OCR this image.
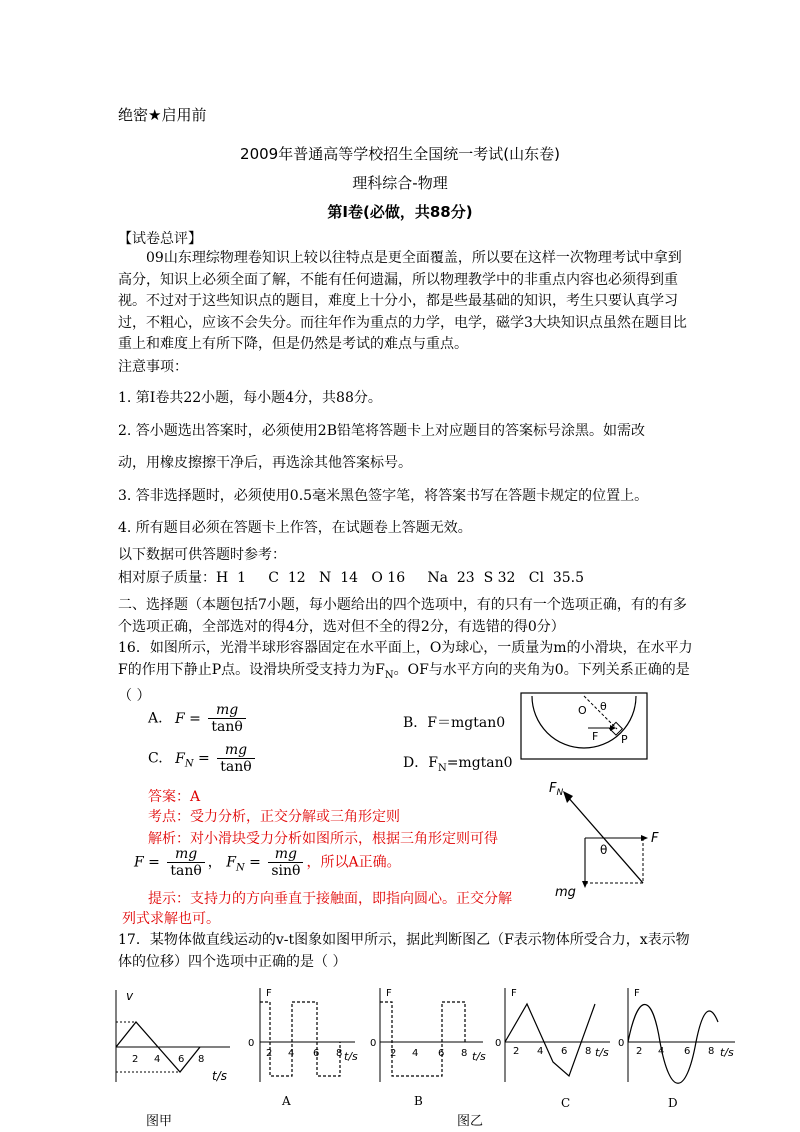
绝密★启用前
2009年普通高等学校招生全国统一考试(山东卷)
理科综合-物理
第Ⅰ卷(必做，共88分)
【试卷总评】
09山东理综物理卷知识上较以往特点是更全面覆盖，所以要在这样一次物理考试中拿到高分，知识上必须全面了解，不能有任何遗漏，所以物理教学中的非重点内容也必须得到重视。不过对于这些知识点的题目，难度上十分小，都是些最基础的知识，考生只要认真学习过，不粗心，应该不会失分。而往年作为重点的力学，电学，磁学3大块知识点虽然在题目比重上和难度上有所下降，但是仍然是考试的难点与重点。
注意事项：
1. 第Ⅰ卷共22小题，每小题4分，共88分。
2. 答小题选出答案时，必须使用2B铅笔将答题卡上对应题目的答案标号涂黑。如需改
动，用橡皮擦擦干净后，再选涂其他答案标号。
3. 答非选择题时，必须使用0.5毫米黑色签字笔，将答案书写在答题卡规定的位置上。
4. 所有题目必须在答题卡上作答，在试题卷上答题无效。
以下数据可供答题时参考：
相对原子质量：H  1     C  12   N  14   O 16     Na  23  S 32   Cl  35.5
二、选择题（本题包括7小题，每小题给出的四个选项中，有的只有一个选项正确，有的有多个选项正确，全部选对的得4分，选对但不全的得2分，有选错的得0分）
16．如图所示，光滑半球形容器固定在水平面上，O为球心，一质量为m的小滑块，在水平力F的作用下静止P点。设滑块所受支持力为$F_N$。OF与水平方向的夹角为0。下列关系正确的是（ ）
A. $F = \frac{mg}{\tan\theta}$	B．F＝mgtan0
C. $F_N = \frac{mg}{\tan\theta}$	D．$F_N=mgtan0$
答案：A
考点：受力分析，正交分解或三角形定则
解析：对小滑块受力分析如图所示，根据三角形定则可得
$F = \frac{mg}{\tan\theta}$ ， $F_N = \frac{mg}{\sin\theta}$ ，所以A正确。
提示：支持力的方向垂直于接触面，即指向圆心。正交分解
列式求解也可。
O θ
F P
$F_N$
F
θ
mg
17．某物体做直线运动的v-t图象如图甲所示，据此判断图乙（F表示物体所受合力，x表示物体的位移）四个选项中正确的是（ ）
v
2 4 6 8
t/s
F
0
2 4 6 8 t/s
F
0
2 4 6 8 t/s
F
0
2 4 6 8 t/s
F
0
2 4 6 8 t/s
A	B	C	D
图甲	图乙
